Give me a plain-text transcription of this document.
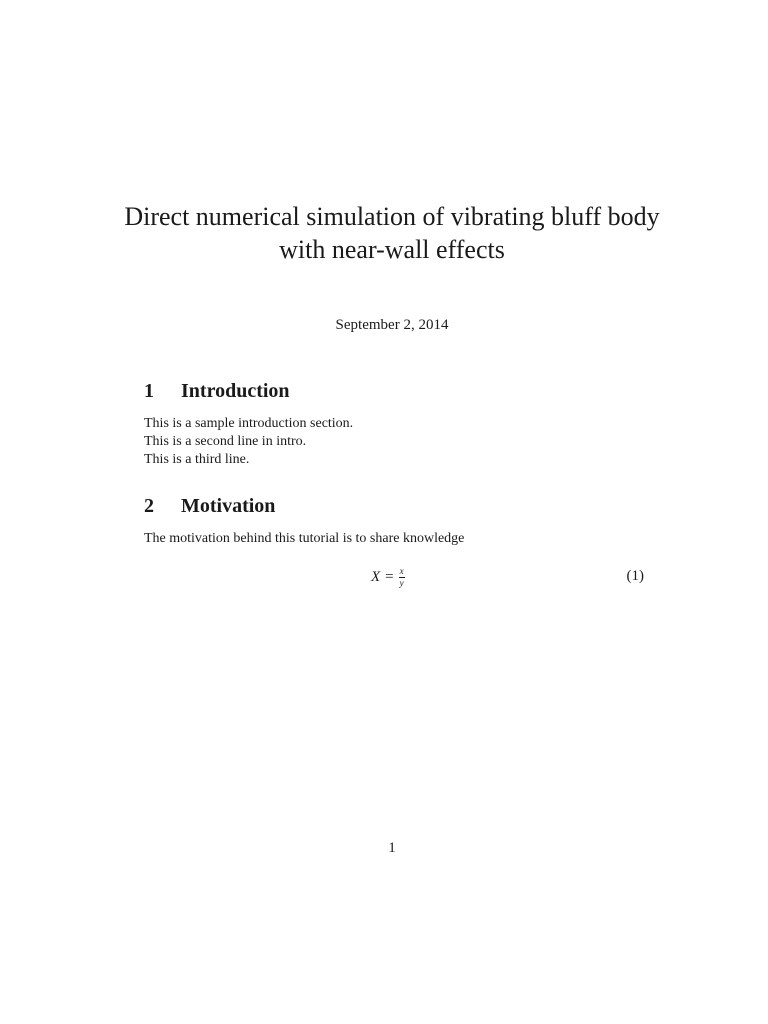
Direct numerical simulation of vibrating bluff body with near-wall effects

September 2, 2014

1	Introduction
This is a sample introduction section.
This is a second line in intro.
This is a third line.
2	Motivation
The motivation behind this tutorial is to share knowledge
$X = \frac{x}{y}$	(1)

1
